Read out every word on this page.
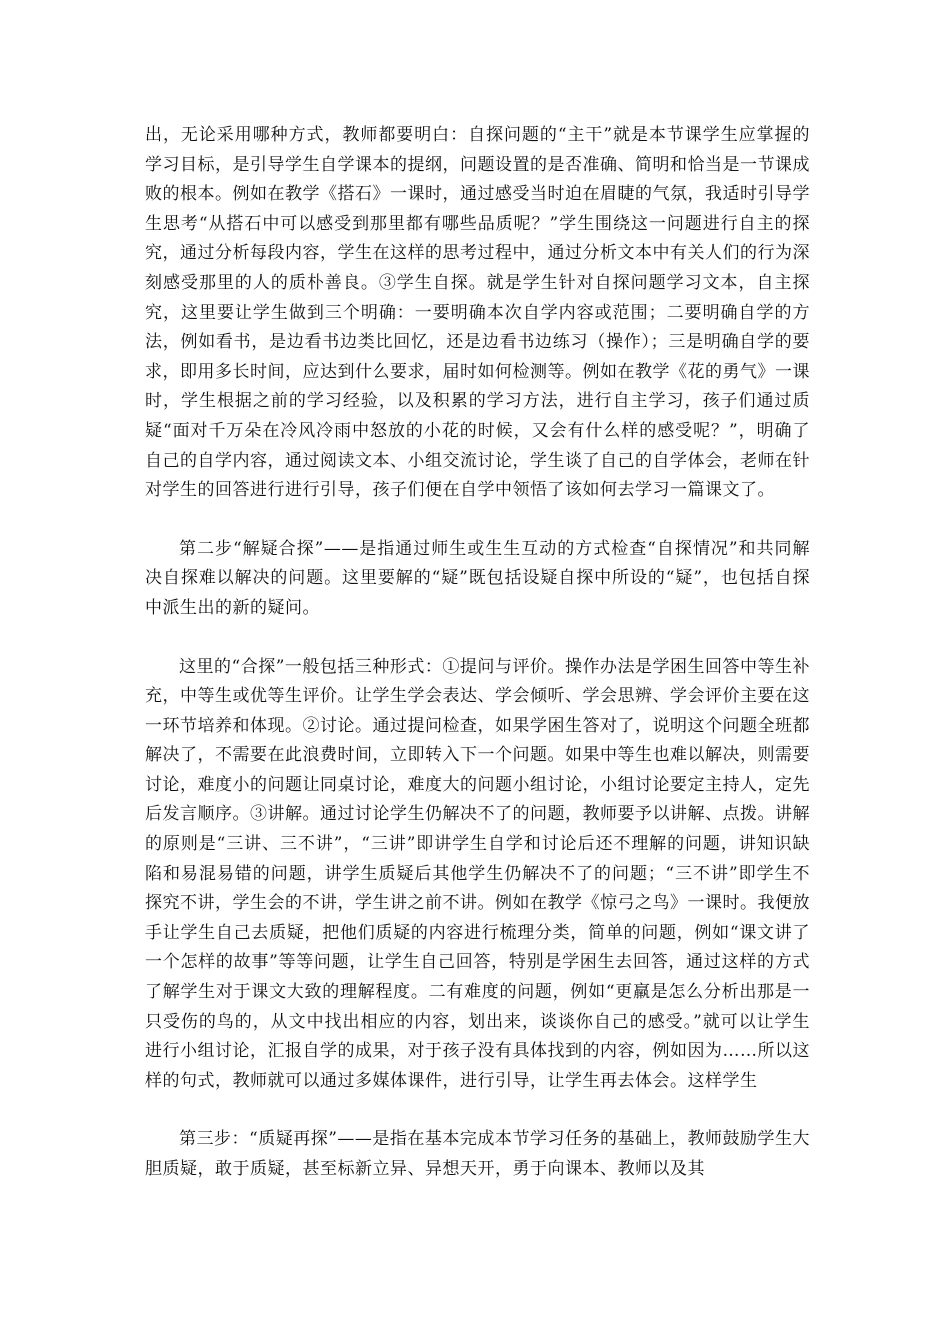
出，无论采用哪种方式，教师都要明白：自探问题的“主干”就是本节课学生应掌握的学习目标，是引导学生自学课本的提纲，问题设置的是否准确、简明和恰当是一节课成败的根本。例如在教学《搭石》一课时，通过感受当时迫在眉睫的气氛，我适时引导学生思考“从搭石中可以感受到那里都有哪些品质呢？”学生围绕这一问题进行自主的探究，通过分析每段内容，学生在这样的思考过程中，通过分析文本中有关人们的行为深刻感受那里的人的质朴善良。③学生自探。就是学生针对自探问题学习文本，自主探究，这里要让学生做到三个明确：一要明确本次自学内容或范围；二要明确自学的方法，例如看书，是边看书边类比回忆，还是边看书边练习（操作）；三是明确自学的要求，即用多长时间，应达到什么要求，届时如何检测等。例如在教学《花的勇气》一课时，学生根据之前的学习经验，以及积累的学习方法，进行自主学习，孩子们通过质疑“面对千万朵在冷风冷雨中怒放的小花的时候，又会有什么样的感受呢？”，明确了自己的自学内容，通过阅读文本、小组交流讨论，学生谈了自己的自学体会，老师在针对学生的回答进行进行引导，孩子们便在自学中领悟了该如何去学习一篇课文了。

第二步“解疑合探”——是指通过师生或生生互动的方式检查“自探情况”和共同解决自探难以解决的问题。这里要解的“疑”既包括设疑自探中所设的“疑”，也包括自探中派生出的新的疑问。

这里的“合探”一般包括三种形式：①提问与评价。操作办法是学困生回答中等生补充，中等生或优等生评价。让学生学会表达、学会倾听、学会思辨、学会评价主要在这一环节培养和体现。②讨论。通过提问检查，如果学困生答对了，说明这个问题全班都解决了，不需要在此浪费时间，立即转入下一个问题。如果中等生也难以解决，则需要讨论，难度小的问题让同桌讨论，难度大的问题小组讨论，小组讨论要定主持人，定先后发言顺序。③讲解。通过讨论学生仍解决不了的问题，教师要予以讲解、点拨。讲解的原则是“三讲、三不讲”，“三讲”即讲学生自学和讨论后还不理解的问题，讲知识缺陷和易混易错的问题，讲学生质疑后其他学生仍解决不了的问题；“三不讲”即学生不探究不讲，学生会的不讲，学生讲之前不讲。例如在教学《惊弓之鸟》一课时。我便放手让学生自己去质疑，把他们质疑的内容进行梳理分类，简单的问题，例如“课文讲了一个怎样的故事”等等问题，让学生自己回答，特别是学困生去回答，通过这样的方式了解学生对于课文大致的理解程度。二有难度的问题，例如“更羸是怎么分析出那是一只受伤的鸟的，从文中找出相应的内容，划出来，谈谈你自己的感受。”就可以让学生进行小组讨论，汇报自学的成果，对于孩子没有具体找到的内容，例如因为……所以这样的句式，教师就可以通过多媒体课件，进行引导，让学生再去体会。这样学生

第三步：“质疑再探”——是指在基本完成本节学习任务的基础上，教师鼓励学生大胆质疑，敢于质疑，甚至标新立异、异想天开，勇于向课本、教师以及其
